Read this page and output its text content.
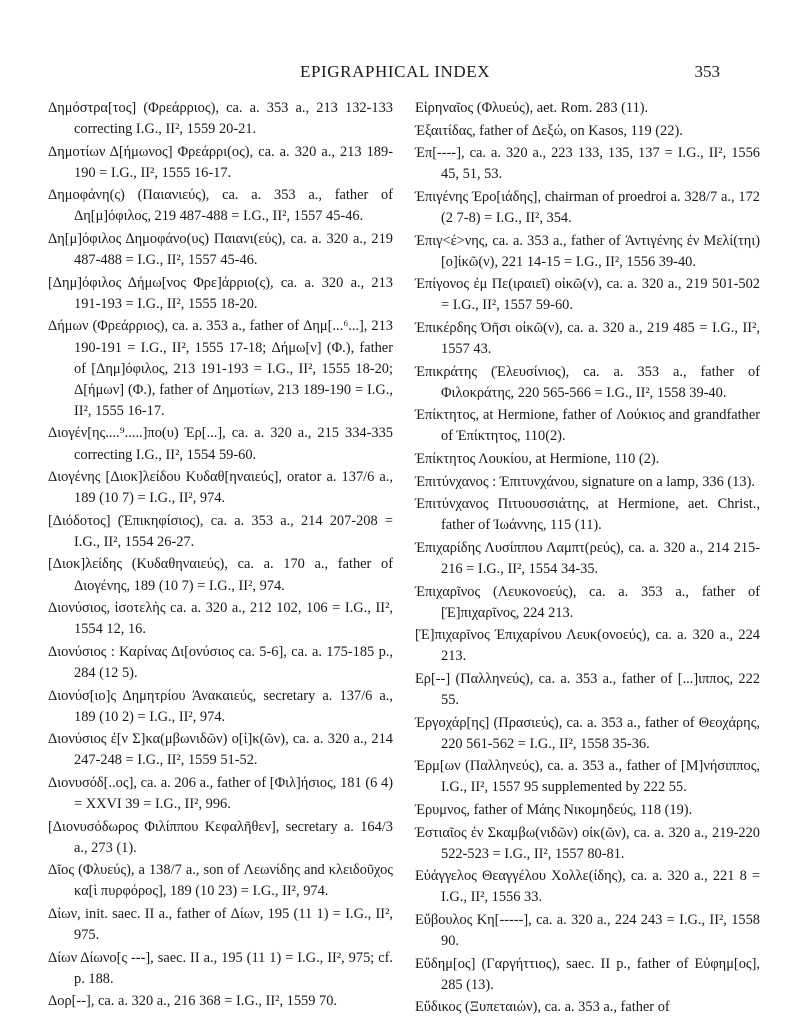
EPIGRAPHICAL INDEX	353

Δημόστρα[τος] (Φρεάρριος), ca. a. 353 a., 213 132-133 correcting I.G., II², 1559 20-21.

Δημοτίων Δ[ήμωνος] Φρεάρρι(ος), ca. a. 320 a., 213 189-190 = I.G., II², 1555 16-17.

Δημοφάνη(ς) (Παιανιεύς), ca. a. 353 a., father of Δη[μ]όφιλος, 219 487-488 = I.G., II², 1557 45-46.

Δη[μ]όφιλος Δημοφάνο(υς) Παιανι(εύς), ca. a. 320 a., 219 487-488 = I.G., II², 1557 45-46.

[Δημ]όφιλος Δήμω[νος Φρε]άρριο(ς), ca. a. 320 a., 213 191-193 = I.G., II², 1555 18-20.

Δήμων (Φρεάρριος), ca. a. 353 a., father of Δημ[...⁶...], 213 190-191 = I.G., II², 1555 17-18; Δήμω[ν] (Φ.), father of [Δημ]όφιλος, 213 191-193 = I.G., II², 1555 18-20; Δ[ήμων] (Φ.), father of Δημοτίων, 213 189-190 = I.G., II², 1555 16-17.

Διογέν[ης....⁹.....]πο(υ) Έρ[...], ca. a. 320 a., 215 334-335 correcting I.G., II², 1554 59-60.

Διογένης [Διοκ]λείδου Κυδαθ[ηναιεύς], orator a. 137/6 a., 189 (10 7) = I.G., II², 974.

[Διόδοτος] (Έπικηφίσιος), ca. a. 353 a., 214 207-208 = I.G., II², 1554 26-27.

[Διοκ]λείδης (Κυδαθηναιεύς), ca. a. 170 a., father of Διογένης, 189 (10 7) = I.G., II², 974.

Διονύσιος, ἰσοτελὴς ca. a. 320 a., 212 102, 106 = I.G., II², 1554 12, 16.

Διονύσιος : Καρίνας Δι[ονύσιος ca. 5-6], ca. a. 175-185 p., 284 (12 5).

Διονύσ[ιο]ς Δημητρίου Άνακαιεύς, secretary a. 137/6 a., 189 (10 2) = I.G., II², 974.

Διονύσιος ἐ[ν Σ]κα(μβωνιδῶν) ο[ἰ]κ(ῶν), ca. a. 320 a., 214 247-248 = I.G., II², 1559 51-52.

Διονυσόδ[..ος], ca. a. 206 a., father of [Φιλ]ήσιος, 181 (6 4) = XXVI 39 = I.G., II², 996.

[Διονυσόδωρος Φιλίππου Κεφαλῆθεν], secretary a. 164/3 a., 273 (1).

Δῖος (Φλυεύς), a 138/7 a., son of Λεωνίδης and κλειδοῦχος κα[ὶ πυρφόρος], 189 (10 23) = I.G., II², 974.

Δίων, init. saec. II a., father of Δίων, 195 (11 1) = I.G., II², 975.

Δίων Δίωνο[ς ---], saec. II a., 195 (11 1) = I.G., II², 975; cf. p. 188.

Δορ[--], ca. a. 320 a., 216 368 = I.G., II², 1559 70.

Εἰρηναῖος (Φλυεύς), aet. Rom. 283 (11).

Έξαιτίδας, father of Δεξώ, on Kasos, 119 (22).

Έπ[----], ca. a. 320 a., 223 133, 135, 137 = I.G., II², 1556 45, 51, 53.

Έπιγένης Έρο[ιάδης], chairman of proedroi a. 328/7 a., 172 (2 7-8) = I.G., II², 354.

Έπιγ<έ>νης, ca. a. 353 a., father of Άντιγένης ἐν Μελί(τηι) [ο]ἰκῶ(ν), 221 14-15 = I.G., II², 1556 39-40.

Έπίγονος ἐμ Πε(ιραιεῖ) οἰκῶ(ν), ca. a. 320 a., 219 501-502 = I.G., II², 1557 59-60.

Έπικέρδης Όῆσι οἰκῶ(ν), ca. a. 320 a., 219 485 = I.G., II², 1557 43.

Έπικράτης (Έλευσίνιος), ca. a. 353 a., father of Φιλοκράτης, 220 565-566 = I.G., II², 1558 39-40.

Έπίκτητος, at Hermione, father of Λούκιος and grandfather of Έπίκτητος, 110(2).

Έπίκτητος Λουκίου, at Hermione, 110 (2).

Έπιτύνχανος : Έπιτυνχάνου, signature on a lamp, 336 (13).

Έπιτύνχανος Πιτυουσσιάτης, at Hermione, aet. Christ., father of Ίωάννης, 115 (11).

Έπιχαρίδης Λυσίππου Λαμπτ(ρεύς), ca. a. 320 a., 214 215-216 = I.G., II², 1554 34-35.

Έπιχαρῖνος (Λευκονοεύς), ca. a. 353 a., father of [Έ]πιχαρῖνος, 224 213.

[Έ]πιχαρῖνος Έπιχαρίνου Λευκ(ονοεύς), ca. a. 320 a., 224 213.

Ερ[--] (Παλληνεύς), ca. a. 353 a., father of [...]ιππος, 222 55.

Έργοχάρ[ης] (Πρασιεύς), ca. a. 353 a., father of Θεοχάρης, 220 561-562 = I.G., II², 1558 35-36.

Έρμ[ων (Παλληνεύς), ca. a. 353 a., father of [Μ]νήσιππος, I.G., II², 1557 95 supplemented by 222 55.

Έρυμνος, father of Μάης Νικομηδεύς, 118 (19).

Έστιαῖος ἐν Σκαμβω(νιδῶν) οἰκ(ῶν), ca. a. 320 a., 219-220 522-523 = I.G., II², 1557 80-81.

Εὐάγγελος Θεαγγέλου Χολλε(ίδης), ca. a. 320 a., 221 8 = I.G., II², 1556 33.

Εὔβουλος Κη[-----], ca. a. 320 a., 224 243 = I.G., II², 1558 90.

Εὔδημ[ος] (Γαργήττιος), saec. II p., father of Εὐφημ[ος], 285 (13).

Εὔδικος (Ξυπεταιών), ca. a. 353 a., father of
